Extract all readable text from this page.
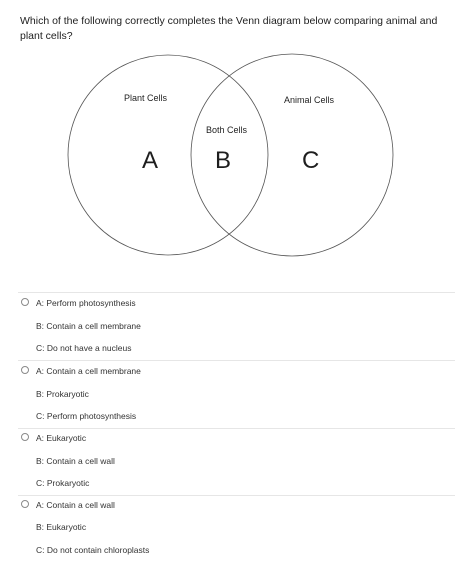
Which of the following correctly completes the Venn diagram below comparing animal and plant cells?
Plant Cells	Animal Cells
Both Cells
A B	C
A: Perform photosynthesis
B: Contain a cell membrane
C: Do not have a nucleus
A: Contain a cell membrane
B: Prokaryotic
C: Perform photosynthesis
A: Eukaryotic
B: Contain a cell wall
C: Prokaryotic
A: Contain a cell wall
B: Eukaryotic
C: Do not contain chloroplasts
